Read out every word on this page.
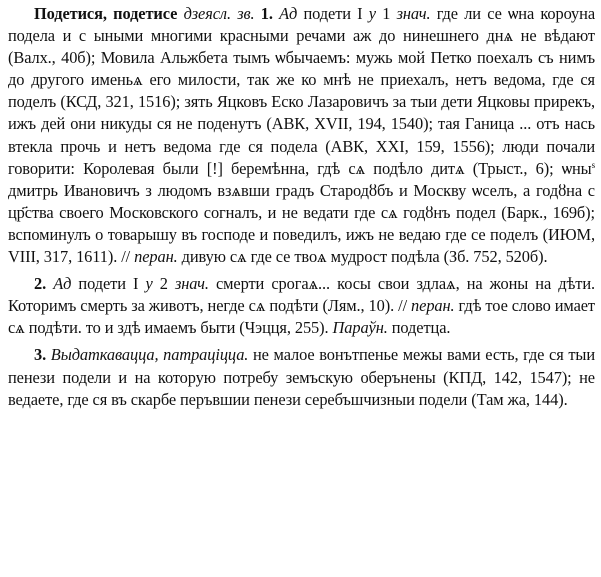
Подетися, подетисе дзеясл. зв. 1. Ад подети I у 1 знач. где ли се ѡна короуна подела и с ыными многими красными речами аж до нинешнего днѧ не вѣдают (Валх., 40б); Мовила Альжбета тымъ ѡбычаемъ: мужь мой Петко поехалъ съ нимъ до другого именьѧ его милости, так же ко мнѣ не приехалъ, нетъ ведома, где ся поделъ (КСД, 321, 1516); зять Яцковъ Еско Лазаровичъ за тыи дети Яцковы прирекъ, ижъ дей они никуды ся не поденутъ (АВК, XVII, 194, 1540); тая Ганица ... отъ нась втекла прочь и нетъ ведома где ся подела (АВК, XXI, 159, 1556); люди почали говорити: Королевая были [!] беремѣнна, гдѣ сѧ подѣло дитѧ (Трыст., 6); ѡны$^s$ дмитрь Ивановичъ з людомъ взѧвши градъ Стародȣбъ и Москву ѡселъ, а годȣна с цр҃ства своего Московского согналъ, и не ведати где сѧ годȣнъ подел (Барк., 169б); вспоминулъ о товарышу въ господе и поведилъ, ижъ не ведаю где се поделъ (ИЮМ, VIII, 317, 1611). // перан. дивую сѧ где се твоѧ мудрост подѣла (Зб. 752, 520б).

2. Ад подети I у 2 знач. смерти срогаѧ... косы свои здлаѧ, на жоны на дѣти. Которимъ смерть за животъ, негде сѧ подѣти (Лям., 10). // перан. гдѣ тое слово имает сѧ подѣти. то и здѣ имаемъ быти (Чэцця, 255). Параўн. подетца.

3. Выдаткавацца, патрацiцца. не малое вонътпенье межы вами есть, где ся тыи пенези подели и на которую потребу земъскую оберънены (КПД, 142, 1547); не ведаете, где ся въ скарбе перъвшии пенези серебъшчизныи подели (Там жа, 144).
